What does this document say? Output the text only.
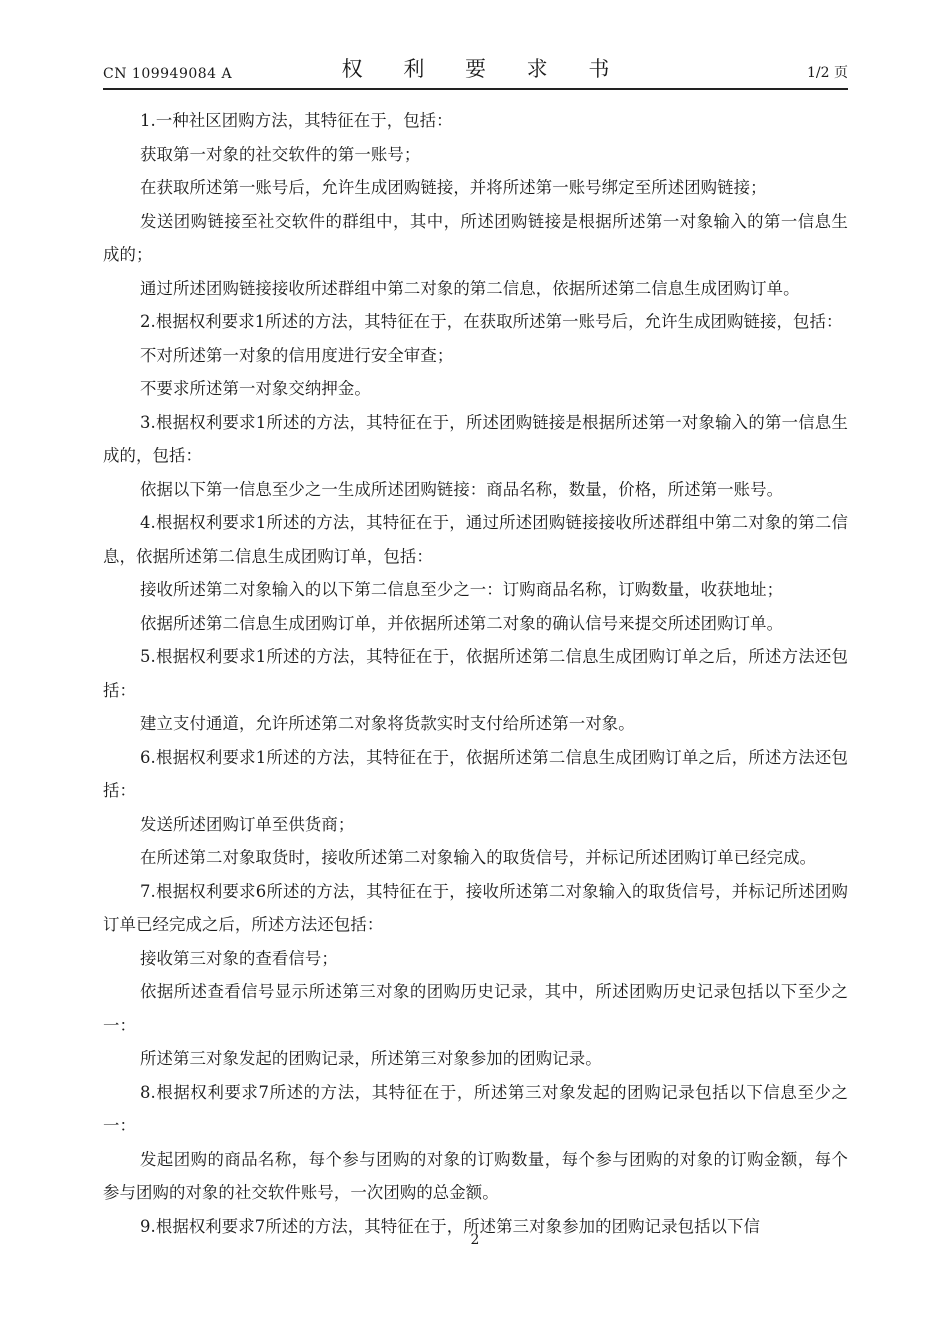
CN 109949084 A	权 利 要 求 书	1/2 页

1.一种社区团购方法，其特征在于，包括：

获取第一对象的社交软件的第一账号；

在获取所述第一账号后，允许生成团购链接，并将所述第一账号绑定至所述团购链接；

发送团购链接至社交软件的群组中，其中，所述团购链接是根据所述第一对象输入的第一信息生成的；

通过所述团购链接接收所述群组中第二对象的第二信息，依据所述第二信息生成团购订单。

2.根据权利要求1所述的方法，其特征在于，在获取所述第一账号后，允许生成团购链接，包括：

不对所述第一对象的信用度进行安全审查；

不要求所述第一对象交纳押金。

3.根据权利要求1所述的方法，其特征在于，所述团购链接是根据所述第一对象输入的第一信息生成的，包括：

依据以下第一信息至少之一生成所述团购链接：商品名称，数量，价格，所述第一账号。

4.根据权利要求1所述的方法，其特征在于，通过所述团购链接接收所述群组中第二对象的第二信息，依据所述第二信息生成团购订单，包括：

接收所述第二对象输入的以下第二信息至少之一：订购商品名称，订购数量，收获地址；

依据所述第二信息生成团购订单，并依据所述第二对象的确认信号来提交所述团购订单。

5.根据权利要求1所述的方法，其特征在于，依据所述第二信息生成团购订单之后，所述方法还包括：

建立支付通道，允许所述第二对象将货款实时支付给所述第一对象。

6.根据权利要求1所述的方法，其特征在于，依据所述第二信息生成团购订单之后，所述方法还包括：

发送所述团购订单至供货商；

在所述第二对象取货时，接收所述第二对象输入的取货信号，并标记所述团购订单已经完成。

7.根据权利要求6所述的方法，其特征在于，接收所述第二对象输入的取货信号，并标记所述团购订单已经完成之后，所述方法还包括：

接收第三对象的查看信号；

依据所述查看信号显示所述第三对象的团购历史记录，其中，所述团购历史记录包括以下至少之一：

所述第三对象发起的团购记录，所述第三对象参加的团购记录。

8.根据权利要求7所述的方法，其特征在于，所述第三对象发起的团购记录包括以下信息至少之一：

发起团购的商品名称，每个参与团购的对象的订购数量，每个参与团购的对象的订购金额，每个参与团购的对象的社交软件账号，一次团购的总金额。

9.根据权利要求7所述的方法，其特征在于，所述第三对象参加的团购记录包括以下信

2
